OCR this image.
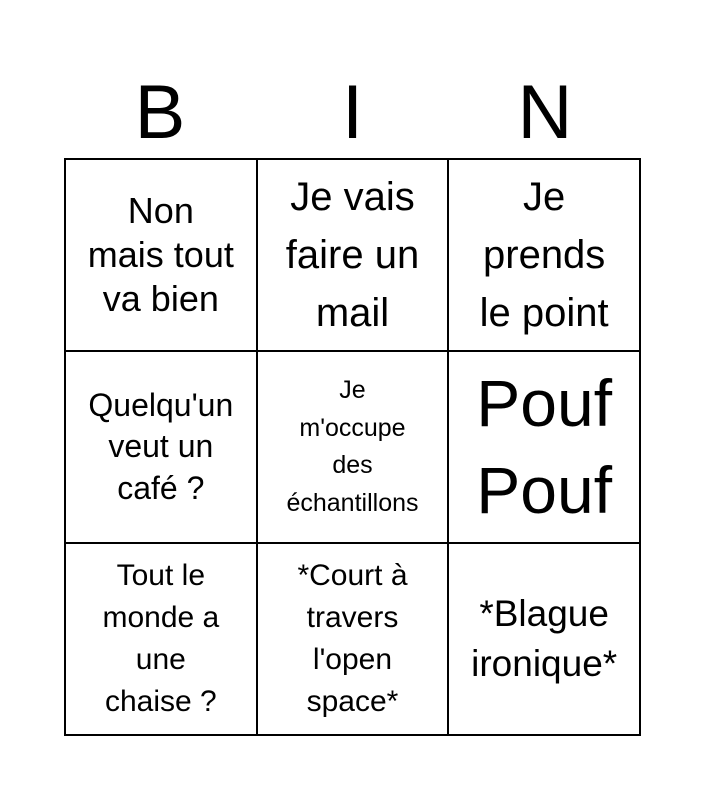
B	I	N
Non
mais tout
va bien
Je vais
faire un
mail
Je
prends
le point
Quelqu'un
veut un
café ?
Je
m'occupe
des
échantillons
Pouf
Pouf
Tout le
monde a
une
chaise ?
*Court à
travers
l'open
space*
*Blague
ironique*
